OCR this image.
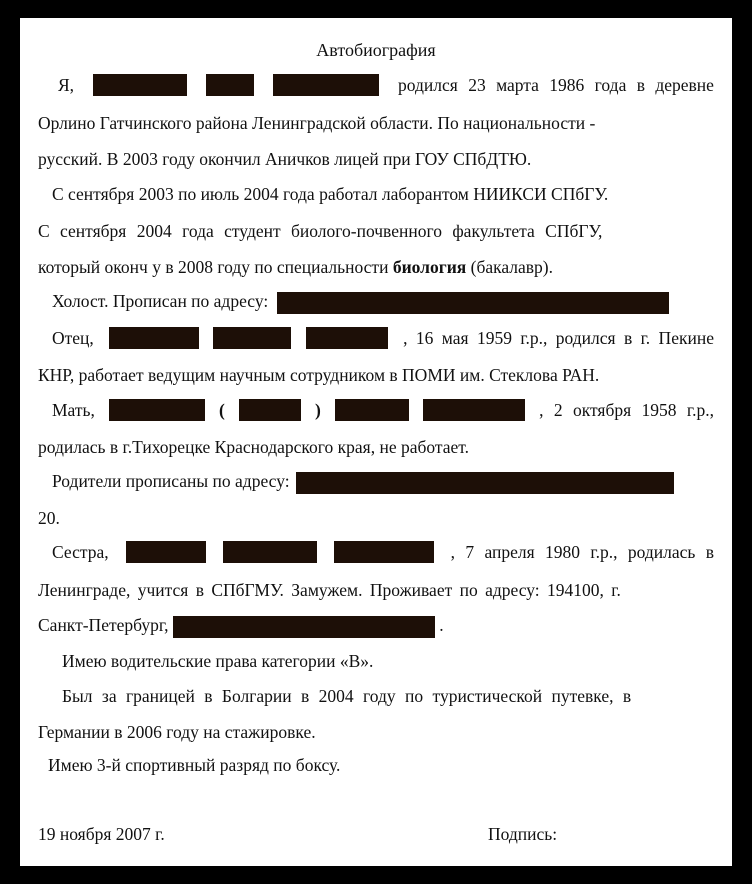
Автобиография
Я,	родился 23 марта 1986 года в деревне
Орлино Гатчинского района Ленинградской области. По национальности -
русский. В 2003 году окончил Аничков лицей при ГОУ СПбДТЮ.
С сентября 2003 по июль 2004 года работал лаборантом НИИКСИ СПбГУ.
С сентября 2004 года студент биолого-почвенного факультета СПбГУ,
который оконч у в 2008 году по специальности биология (бакалавр).
Холост. Прописан по адресу:
Отец,	, 16 мая 1959 г.р., родился в г. Пекине
КНР, работает ведущим научным сотрудником в ПОМИ им. Стеклова РАН.
Мать,	(	)	, 2 октября 1958 г.р.,
родилась в г.Тихорецке Краснодарского края, не работает.
Родители прописаны по адресу:
20.
Сестра,	, 7 апреля 1980 г.р., родилась в
Ленинграде, учится в СПбГМУ. Замужем. Проживает по адресу: 194100, г.
Санкт-Петербург,	.
Имею водительские права категории «В».
Был за границей в Болгарии в 2004 году по туристической путевке, в
Германии в 2006 году на стажировке.
Имею 3-й спортивный разряд по боксу.
19 ноября 2007 г.	Подпись:
